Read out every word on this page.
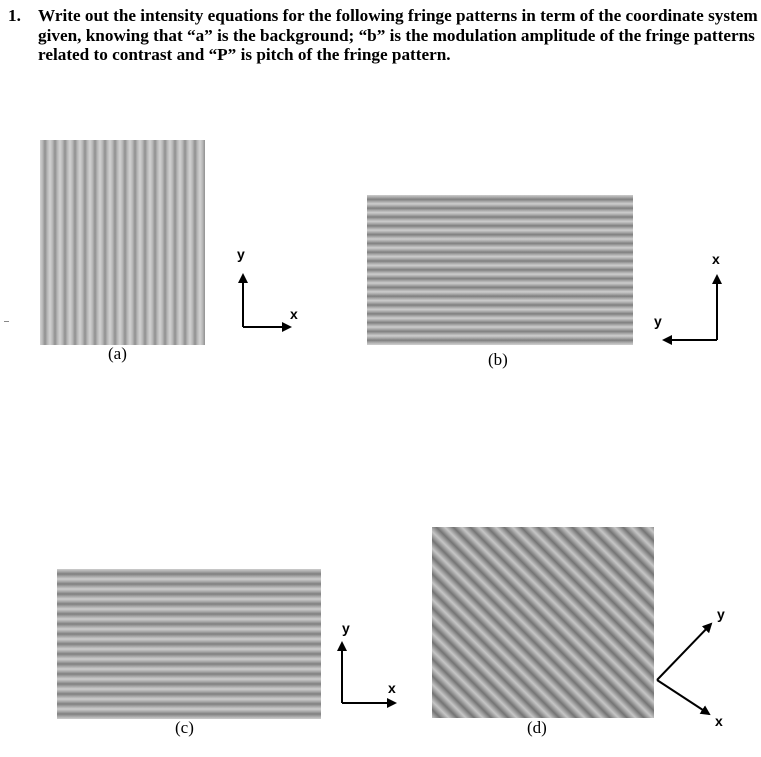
1. Write out the intensity equations for the following fringe patterns in term of the coordinate system given, knowing that “a” is the background; “b” is the modulation amplitude of the fringe patterns related to contrast and “P” is pitch of the fringe pattern.
(a)	(b)
(c)	(d)
y
x
x
y
y
x
y
x
